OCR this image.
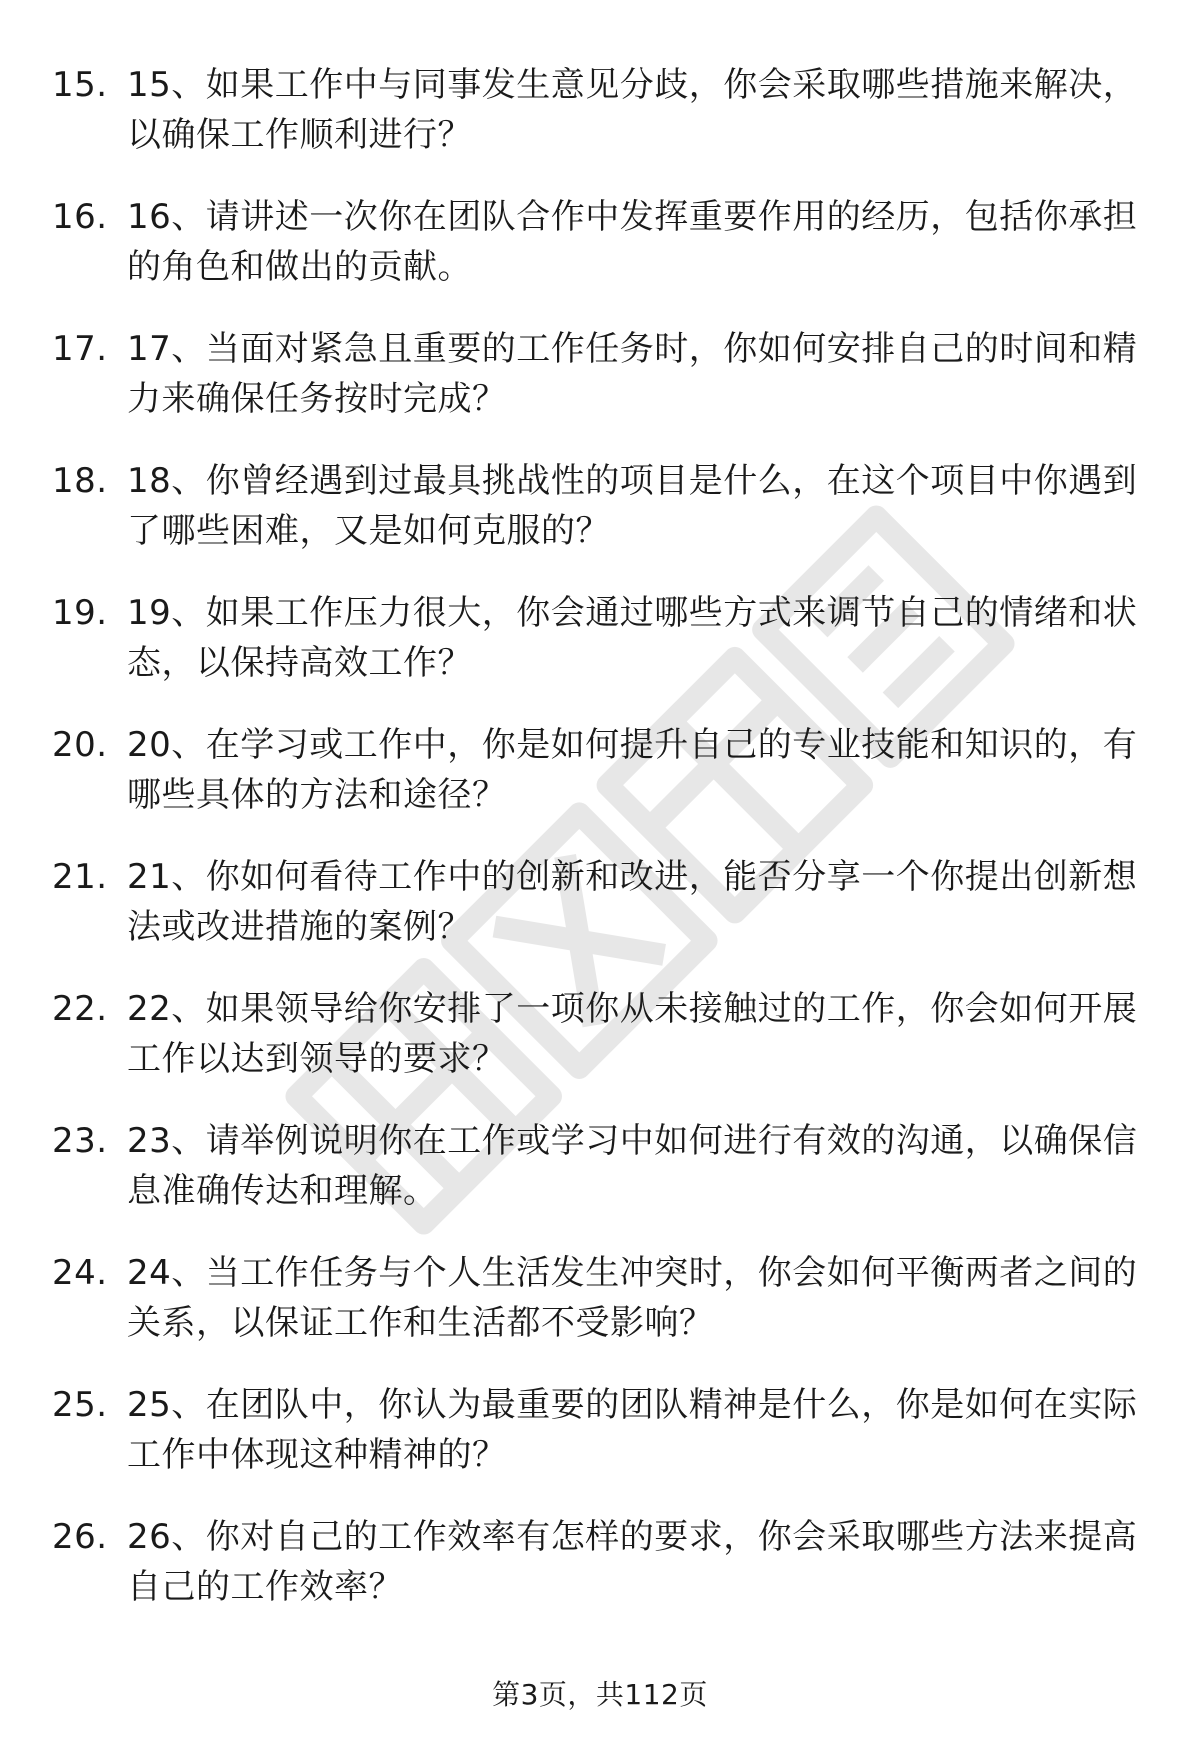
15. 15、如果工作中与同事发生意见分歧，你会采取哪些措施来解决，以确保工作顺利进行？
16. 16、请讲述一次你在团队合作中发挥重要作用的经历，包括你承担的角色和做出的贡献。
17. 17、当面对紧急且重要的工作任务时，你如何安排自己的时间和精力来确保任务按时完成？
18. 18、你曾经遇到过最具挑战性的项目是什么，在这个项目中你遇到了哪些困难，又是如何克服的？
19. 19、如果工作压力很大，你会通过哪些方式来调节自己的情绪和状态，以保持高效工作？
20. 20、在学习或工作中，你是如何提升自己的专业技能和知识的，有哪些具体的方法和途径？
21. 21、你如何看待工作中的创新和改进，能否分享一个你提出创新想法或改进措施的案例？
22. 22、如果领导给你安排了一项你从未接触过的工作，你会如何开展工作以达到领导的要求？
23. 23、请举例说明你在工作或学习中如何进行有效的沟通，以确保信息准确传达和理解。
24. 24、当工作任务与个人生活发生冲突时，你会如何平衡两者之间的关系，以保证工作和生活都不受影响？
25. 25、在团队中，你认为最重要的团队精神是什么，你是如何在实际工作中体现这种精神的？
26. 26、你对自己的工作效率有怎样的要求，你会采取哪些方法来提高自己的工作效率？
第3页，共112页
